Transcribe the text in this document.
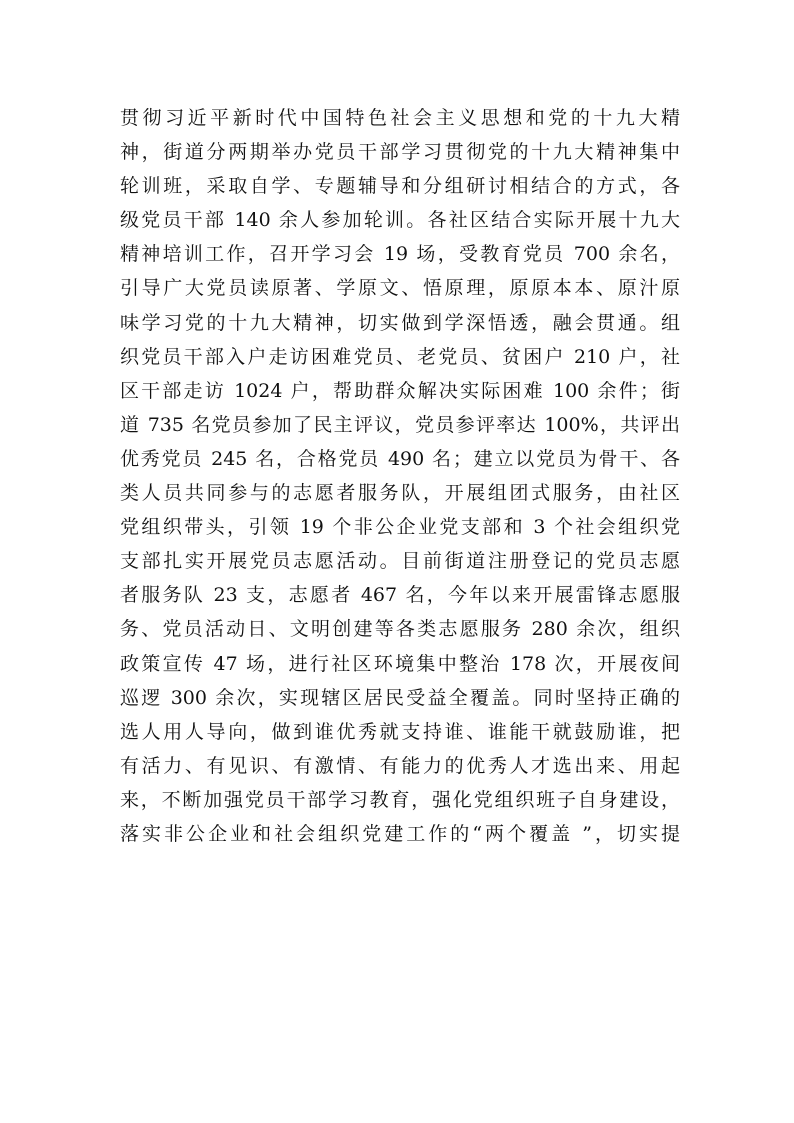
贯彻习近平新时代中国特色社会主义思想和党的十九大精
神，街道分两期举办党员干部学习贯彻党的十九大精神集中
轮训班，采取自学、专题辅导和分组研讨相结合的方式，各
级党员干部 140 余人参加轮训。各社区结合实际开展十九大
精神培训工作，召开学习会 19 场，受教育党员 700 余名，
引导广大党员读原著、学原文、悟原理，原原本本、原汁原
味学习党的十九大精神，切实做到学深悟透，融会贯通。组
织党员干部入户走访困难党员、老党员、贫困户 210 户，社
区干部走访 1024 户，帮助群众解决实际困难 100 余件；街
道 735 名党员参加了民主评议，党员参评率达 100%，共评出
优秀党员 245 名，合格党员 490 名；建立以党员为骨干、各
类人员共同参与的志愿者服务队，开展组团式服务，由社区
党组织带头，引领 19 个非公企业党支部和 3 个社会组织党
支部扎实开展党员志愿活动。目前街道注册登记的党员志愿
者服务队 23 支，志愿者 467 名，今年以来开展雷锋志愿服
务、党员活动日、文明创建等各类志愿服务 280 余次，组织
政策宣传 47 场，进行社区环境集中整治 178 次，开展夜间
巡逻 300 余次，实现辖区居民受益全覆盖。同时坚持正确的
选人用人导向，做到谁优秀就支持谁、谁能干就鼓励谁，把
有活力、有见识、有激情、有能力的优秀人才选出来、用起
来，不断加强党员干部学习教育，强化党组织班子自身建设，
落实非公企业和社会组织党建工作的“两个覆盖 ”，切实提
